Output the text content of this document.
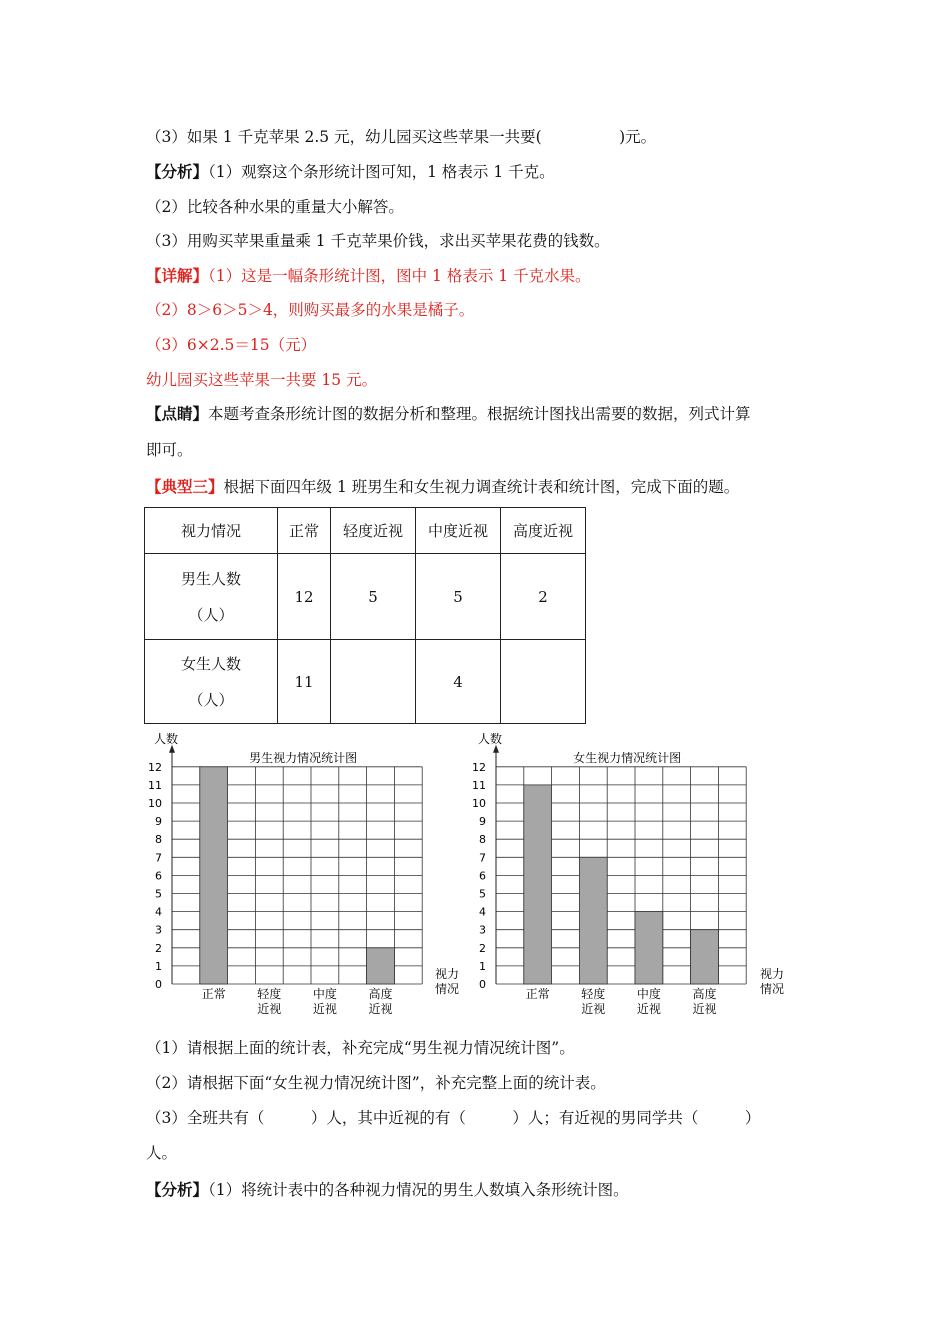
（3）如果 1 千克苹果 2.5 元，幼儿园买这些苹果一共要(　　　　　)元。
【分析】（1）观察这个条形统计图可知，1 格表示 1 千克。
（2）比较各种水果的重量大小解答。
（3）用购买苹果重量乘 1 千克苹果价钱，求出买苹果花费的钱数。
【详解】（1）这是一幅条形统计图，图中 1 格表示 1 千克水果。
（2）8＞6＞5＞4，则购买最多的水果是橘子。
（3）6×2.5＝15（元）
幼儿园买这些苹果一共要 15 元。
【点睛】本题考查条形统计图的数据分析和整理。根据统计图找出需要的数据，列式计算
即可。
【典型三】根据下面四年级 1 班男生和女生视力调查统计表和统计图，完成下面的题。
视力情况	正常	轻度近视	中度近视	高度近视

男生人数
（人）	12	5	5	2

女生人数
（人）	11		4	
人数
男生视力情况统计图
0
1
2
3
4
5
6
7
8
9
10
11
12
正常	轻度
近视
中度
近视
高度
近视
视力
情况
人数
女生视力情况统计图
0
1
2
3
4
5
6
7
8
9
10
11
12
正常	轻度
近视
中度
近视
高度
近视
视力
情况
（1）请根据上面的统计表，补充完成“男生视力情况统计图”。
（2）请根据下面“女生视力情况统计图”，补充完整上面的统计表。
（3）全班共有（　　　）人，其中近视的有（　　　）人；有近视的男同学共（　　　）
人。
【分析】（1）将统计表中的各种视力情况的男生人数填入条形统计图。
